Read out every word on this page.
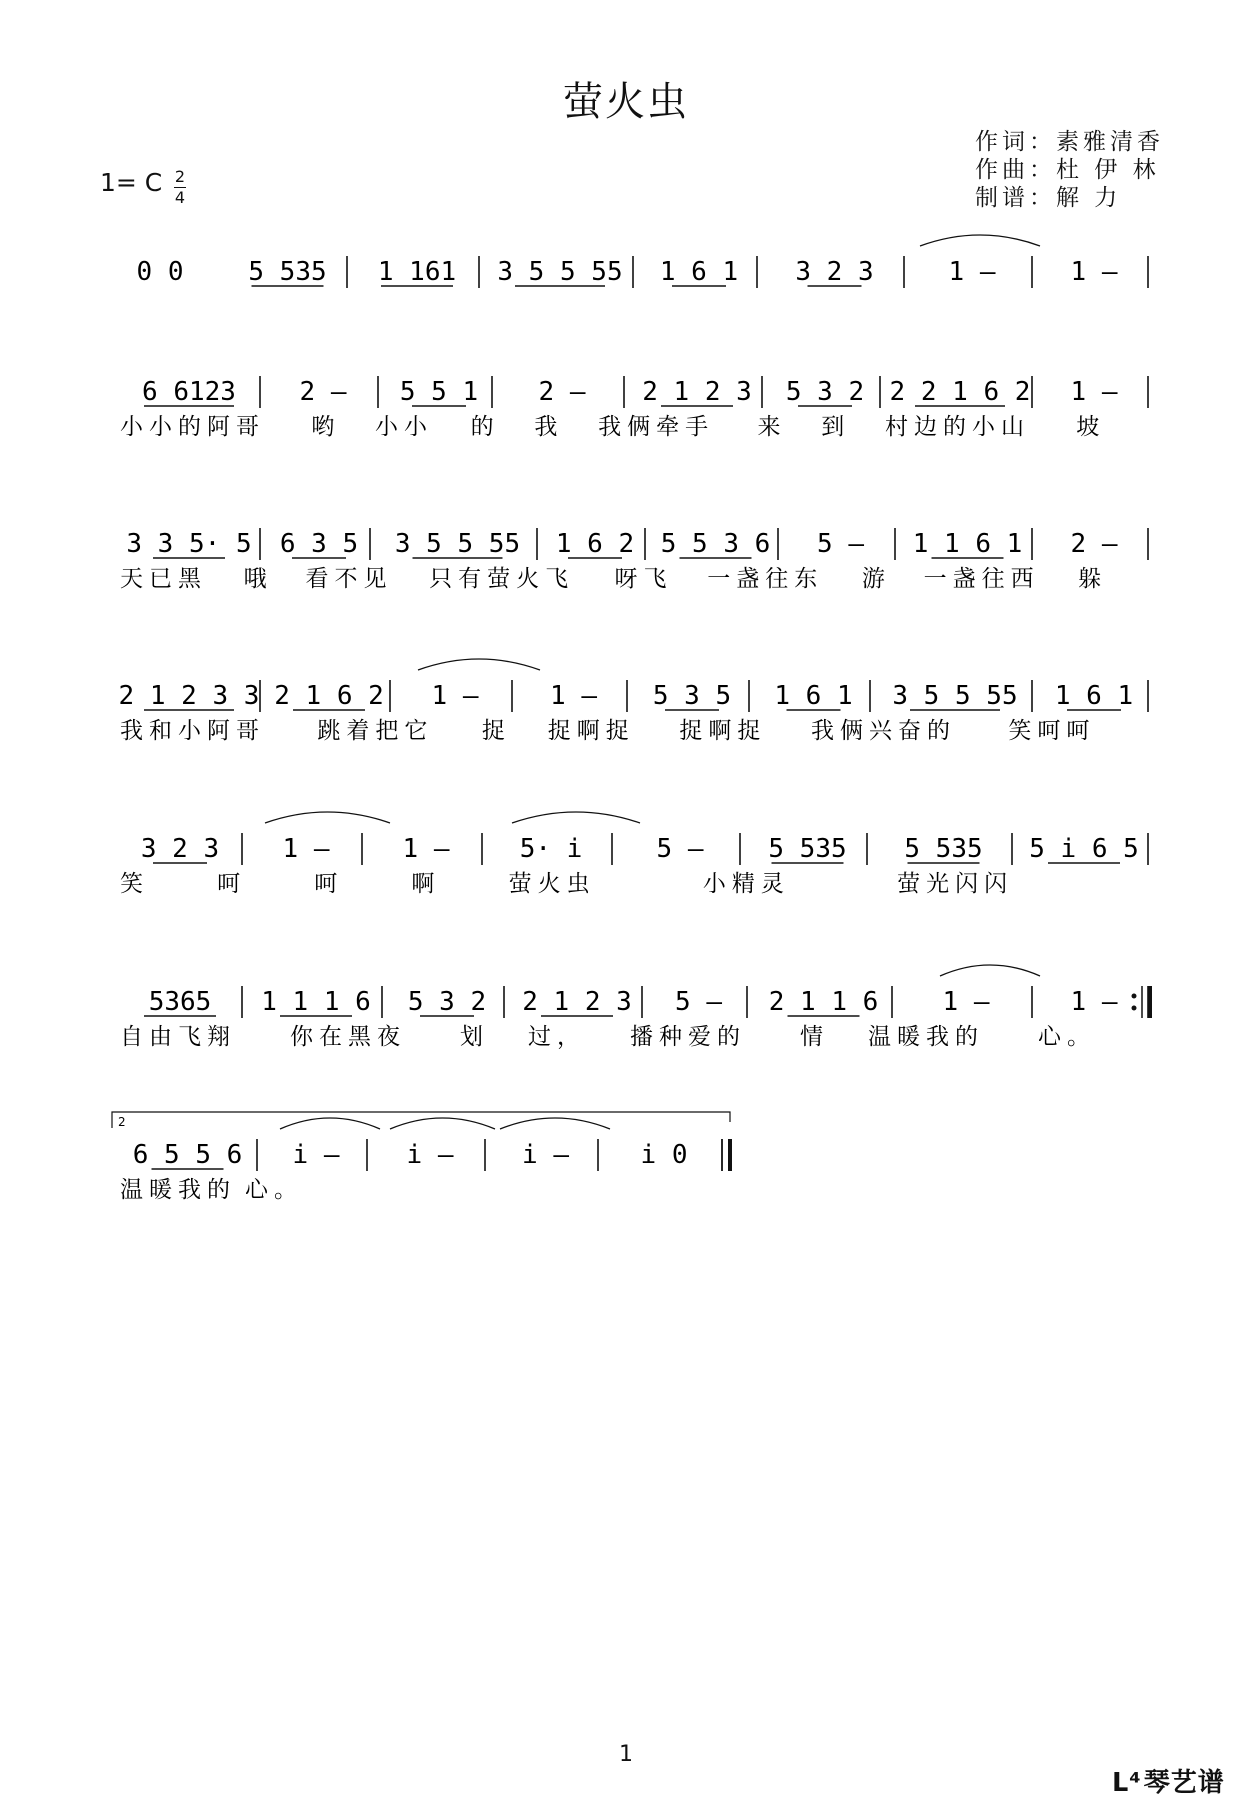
萤火虫
作词：素雅清香
作曲：杜 伊 林
制谱：解 力
1= C 2
4
0 0 5 535 1 161 3 5 5 55 1 6 1 3 2 3	1 –	1 –
6 6123 2 – 5 5 1 2 – 2 1 2 3 5 3 2 2 2 1 6 2 1 –
小小的阿哥 哟 小小 的 我 我俩牵手 来 到 村边的小山 坡
3 3 5· 5 6 3 5 3 5 5 55 1 6 2 5 5 3 6 5 – 1 1 6 1 2 –
天已黑 哦 看不见 只有萤火飞 呀飞 一盏往东 游 一盏往西 躲
2 1 2 3 3 2 1 6 2 1 –	1 – 5 3 5 1 6 1 3 5 5 55 1 6 1
我和小阿哥 跳着把它 捉 捉啊捉 捉啊捉 我俩兴奋的 笑呵呵
3 2 3 1 –	1 –	5· i	5 – 5 535 5 535 5 i 6 5
笑	呵	呵	啊	萤火虫	小精灵	萤光闪闪
5365 1 1 1 6 5 3 2 2 1 2 3 5 – 2 1 1 6 1 –	1 –
自由飞翔 你在黑夜 划 过， 播种爱的 情 温暖我的 心。
6 5 5 6 i –	i –	i –	i 0
温暖我的 心。
2
1
ᒪ⁴琴艺谱
